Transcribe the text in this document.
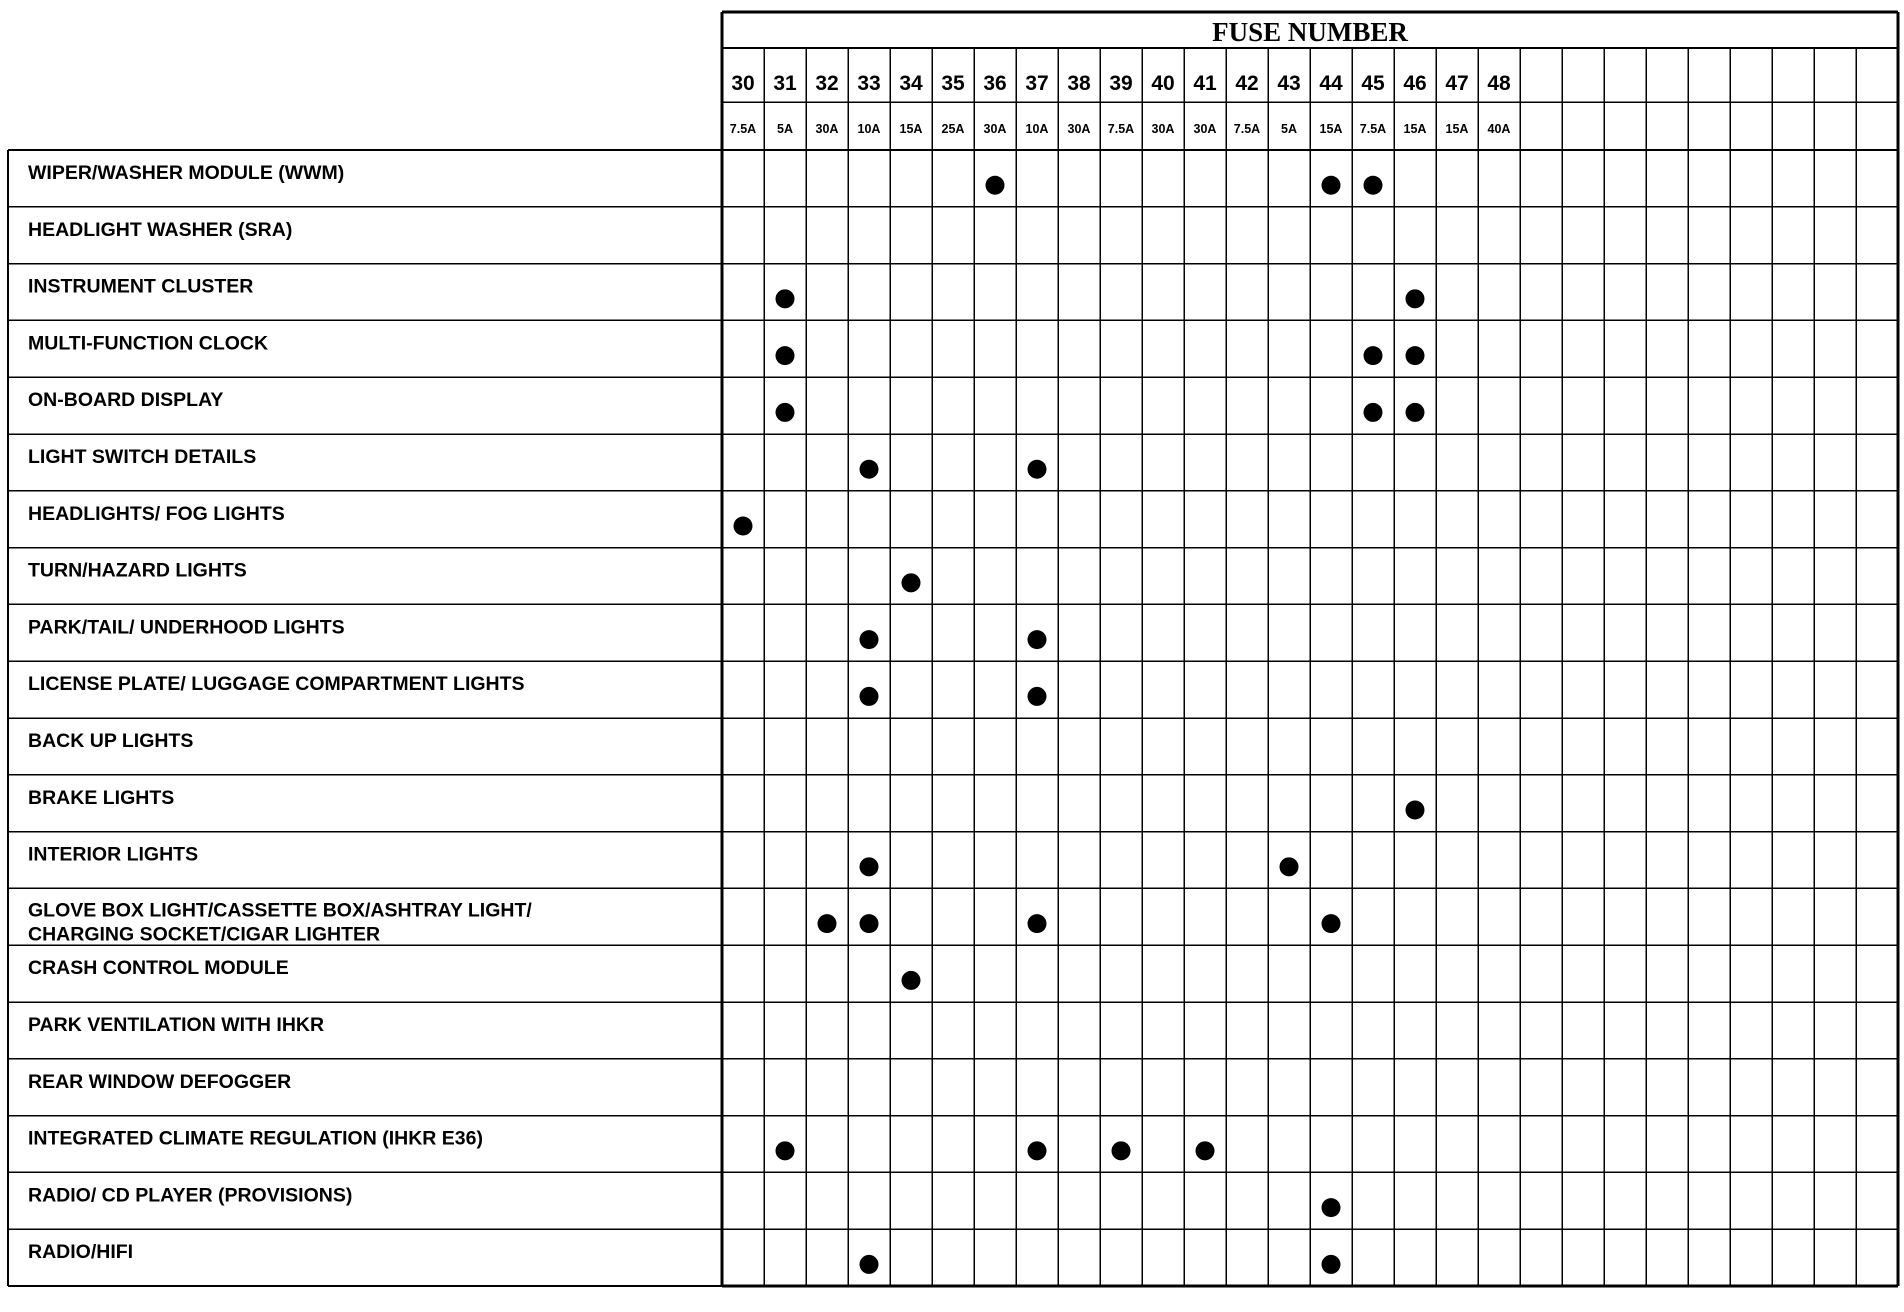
FUSE NUMBER
30
7.5A
31
5A
32
30A
33
10A
34
15A
35
25A
36
30A
37
10A
38
30A
39
7.5A
40
30A
41
30A
42
7.5A
43
5A
44
15A
45
7.5A
46
15A
47
15A
48
40A
WIPER/WASHER MODULE (WWM)
HEADLIGHT WASHER (SRA)
INSTRUMENT CLUSTER
MULTI-FUNCTION CLOCK
ON-BOARD DISPLAY
LIGHT SWITCH DETAILS
HEADLIGHTS/ FOG LIGHTS
TURN/HAZARD LIGHTS
PARK/TAIL/ UNDERHOOD LIGHTS
LICENSE PLATE/ LUGGAGE COMPARTMENT LIGHTS
BACK UP LIGHTS
BRAKE LIGHTS
INTERIOR LIGHTS
GLOVE BOX LIGHT/CASSETTE BOX/ASHTRAY LIGHT/
CHARGING SOCKET/CIGAR LIGHTER
CRASH CONTROL MODULE
PARK VENTILATION WITH IHKR
REAR WINDOW DEFOGGER
INTEGRATED CLIMATE REGULATION (IHKR E36)
RADIO/ CD PLAYER (PROVISIONS)
RADIO/HIFI
